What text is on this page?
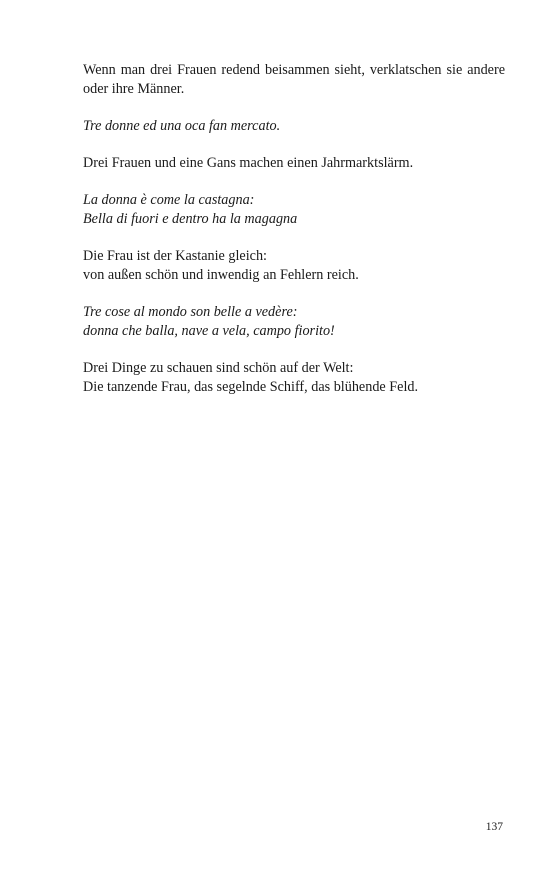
Wenn man drei Frauen redend beisammen sieht, verklatschen sie andere oder ihre Männer.

Tre donne ed una oca fan mercato.

Drei Frauen und eine Gans machen einen Jahrmarktslärm.

La donna è come la castagna:
Bella di fuori e dentro ha la magagna

Die Frau ist der Kastanie gleich:
von außen schön und inwendig an Fehlern reich.

Tre cose al mondo son belle a vedère:
donna che balla, nave a vela, campo fiorito!

Drei Dinge zu schauen sind schön auf der Welt:
Die tanzende Frau, das segelnde Schiff, das blühende Feld.

137
